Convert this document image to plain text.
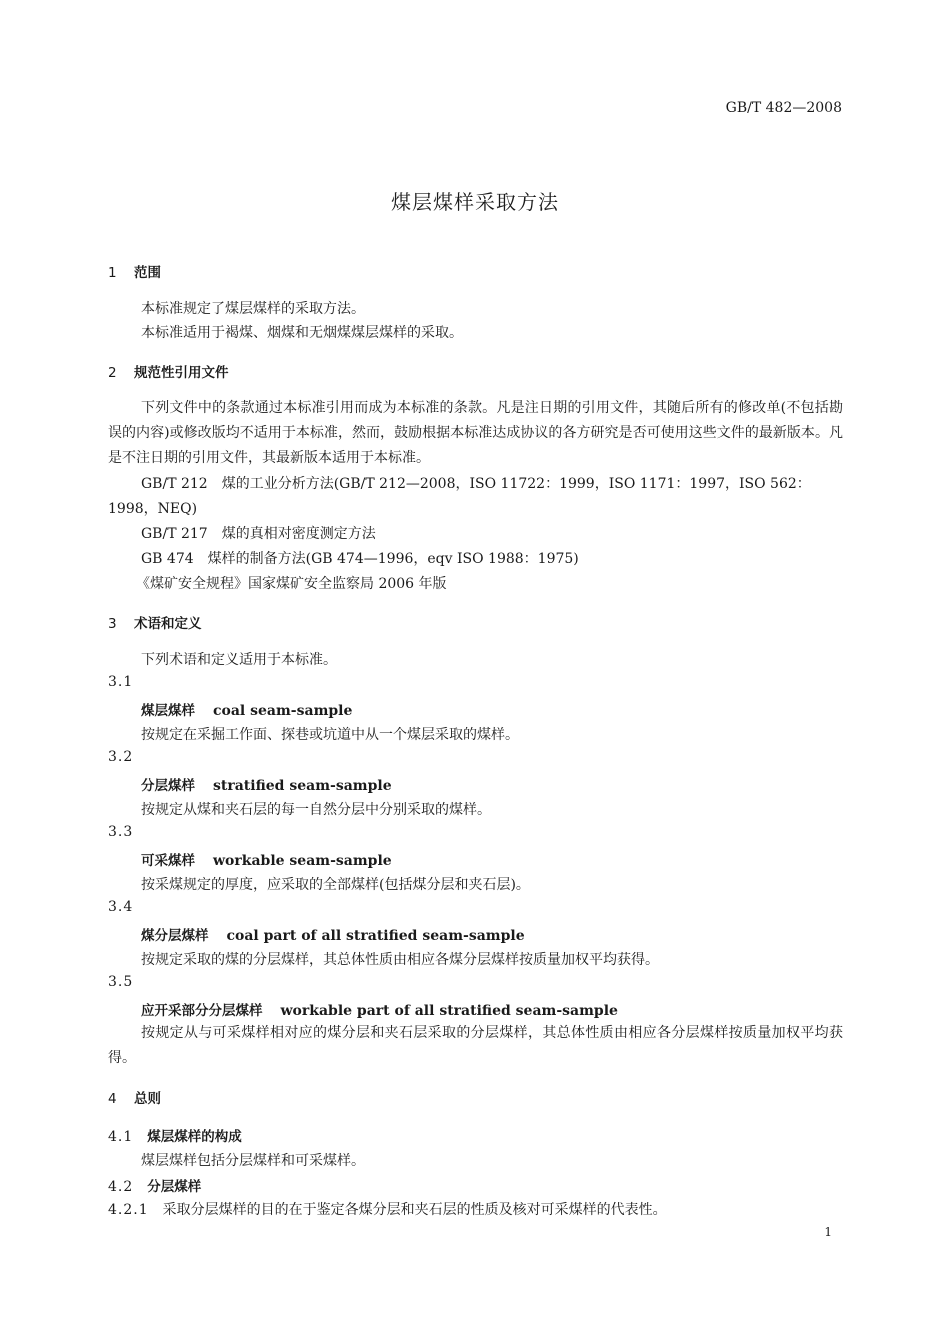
GB/T 482—2008
煤层煤样采取方法
1 范围
本标准规定了煤层煤样的采取方法。
本标准适用于褐煤、烟煤和无烟煤煤层煤样的采取。
2 规范性引用文件
下列文件中的条款通过本标准引用而成为本标准的条款。凡是注日期的引用文件，其随后所有的修改单(不包括勘误的内容)或修改版均不适用于本标准，然而，鼓励根据本标准达成协议的各方研究是否可使用这些文件的最新版本。凡是不注日期的引用文件，其最新版本适用于本标准。
GB/T 212　煤的工业分析方法(GB/T 212—2008，ISO 11722：1999，ISO 1171：1997，ISO 562：
1998，NEQ)
GB/T 217　煤的真相对密度测定方法
GB 474　煤样的制备方法(GB 474—1996，eqv ISO 1988：1975)
《煤矿安全规程》国家煤矿安全监察局 2006 年版
3 术语和定义
下列术语和定义适用于本标准。
3.1
煤层煤样 coal seam-sample
按规定在采掘工作面、探巷或坑道中从一个煤层采取的煤样。
3.2
分层煤样 stratified seam-sample
按规定从煤和夹石层的每一自然分层中分别采取的煤样。
3.3
可采煤样 workable seam-sample
按采煤规定的厚度，应采取的全部煤样(包括煤分层和夹石层)。
3.4
煤分层煤样 coal part of all stratified seam-sample
按规定采取的煤的分层煤样，其总体性质由相应各煤分层煤样按质量加权平均获得。
3.5
应开采部分分层煤样 workable part of all stratified seam-sample
按规定从与可采煤样相对应的煤分层和夹石层采取的分层煤样，其总体性质由相应各分层煤样按质量加权平均获得。
4 总则
4.1 煤层煤样的构成
煤层煤样包括分层煤样和可采煤样。
4.2 分层煤样
4.2.1 采取分层煤样的目的在于鉴定各煤分层和夹石层的性质及核对可采煤样的代表性。
1
